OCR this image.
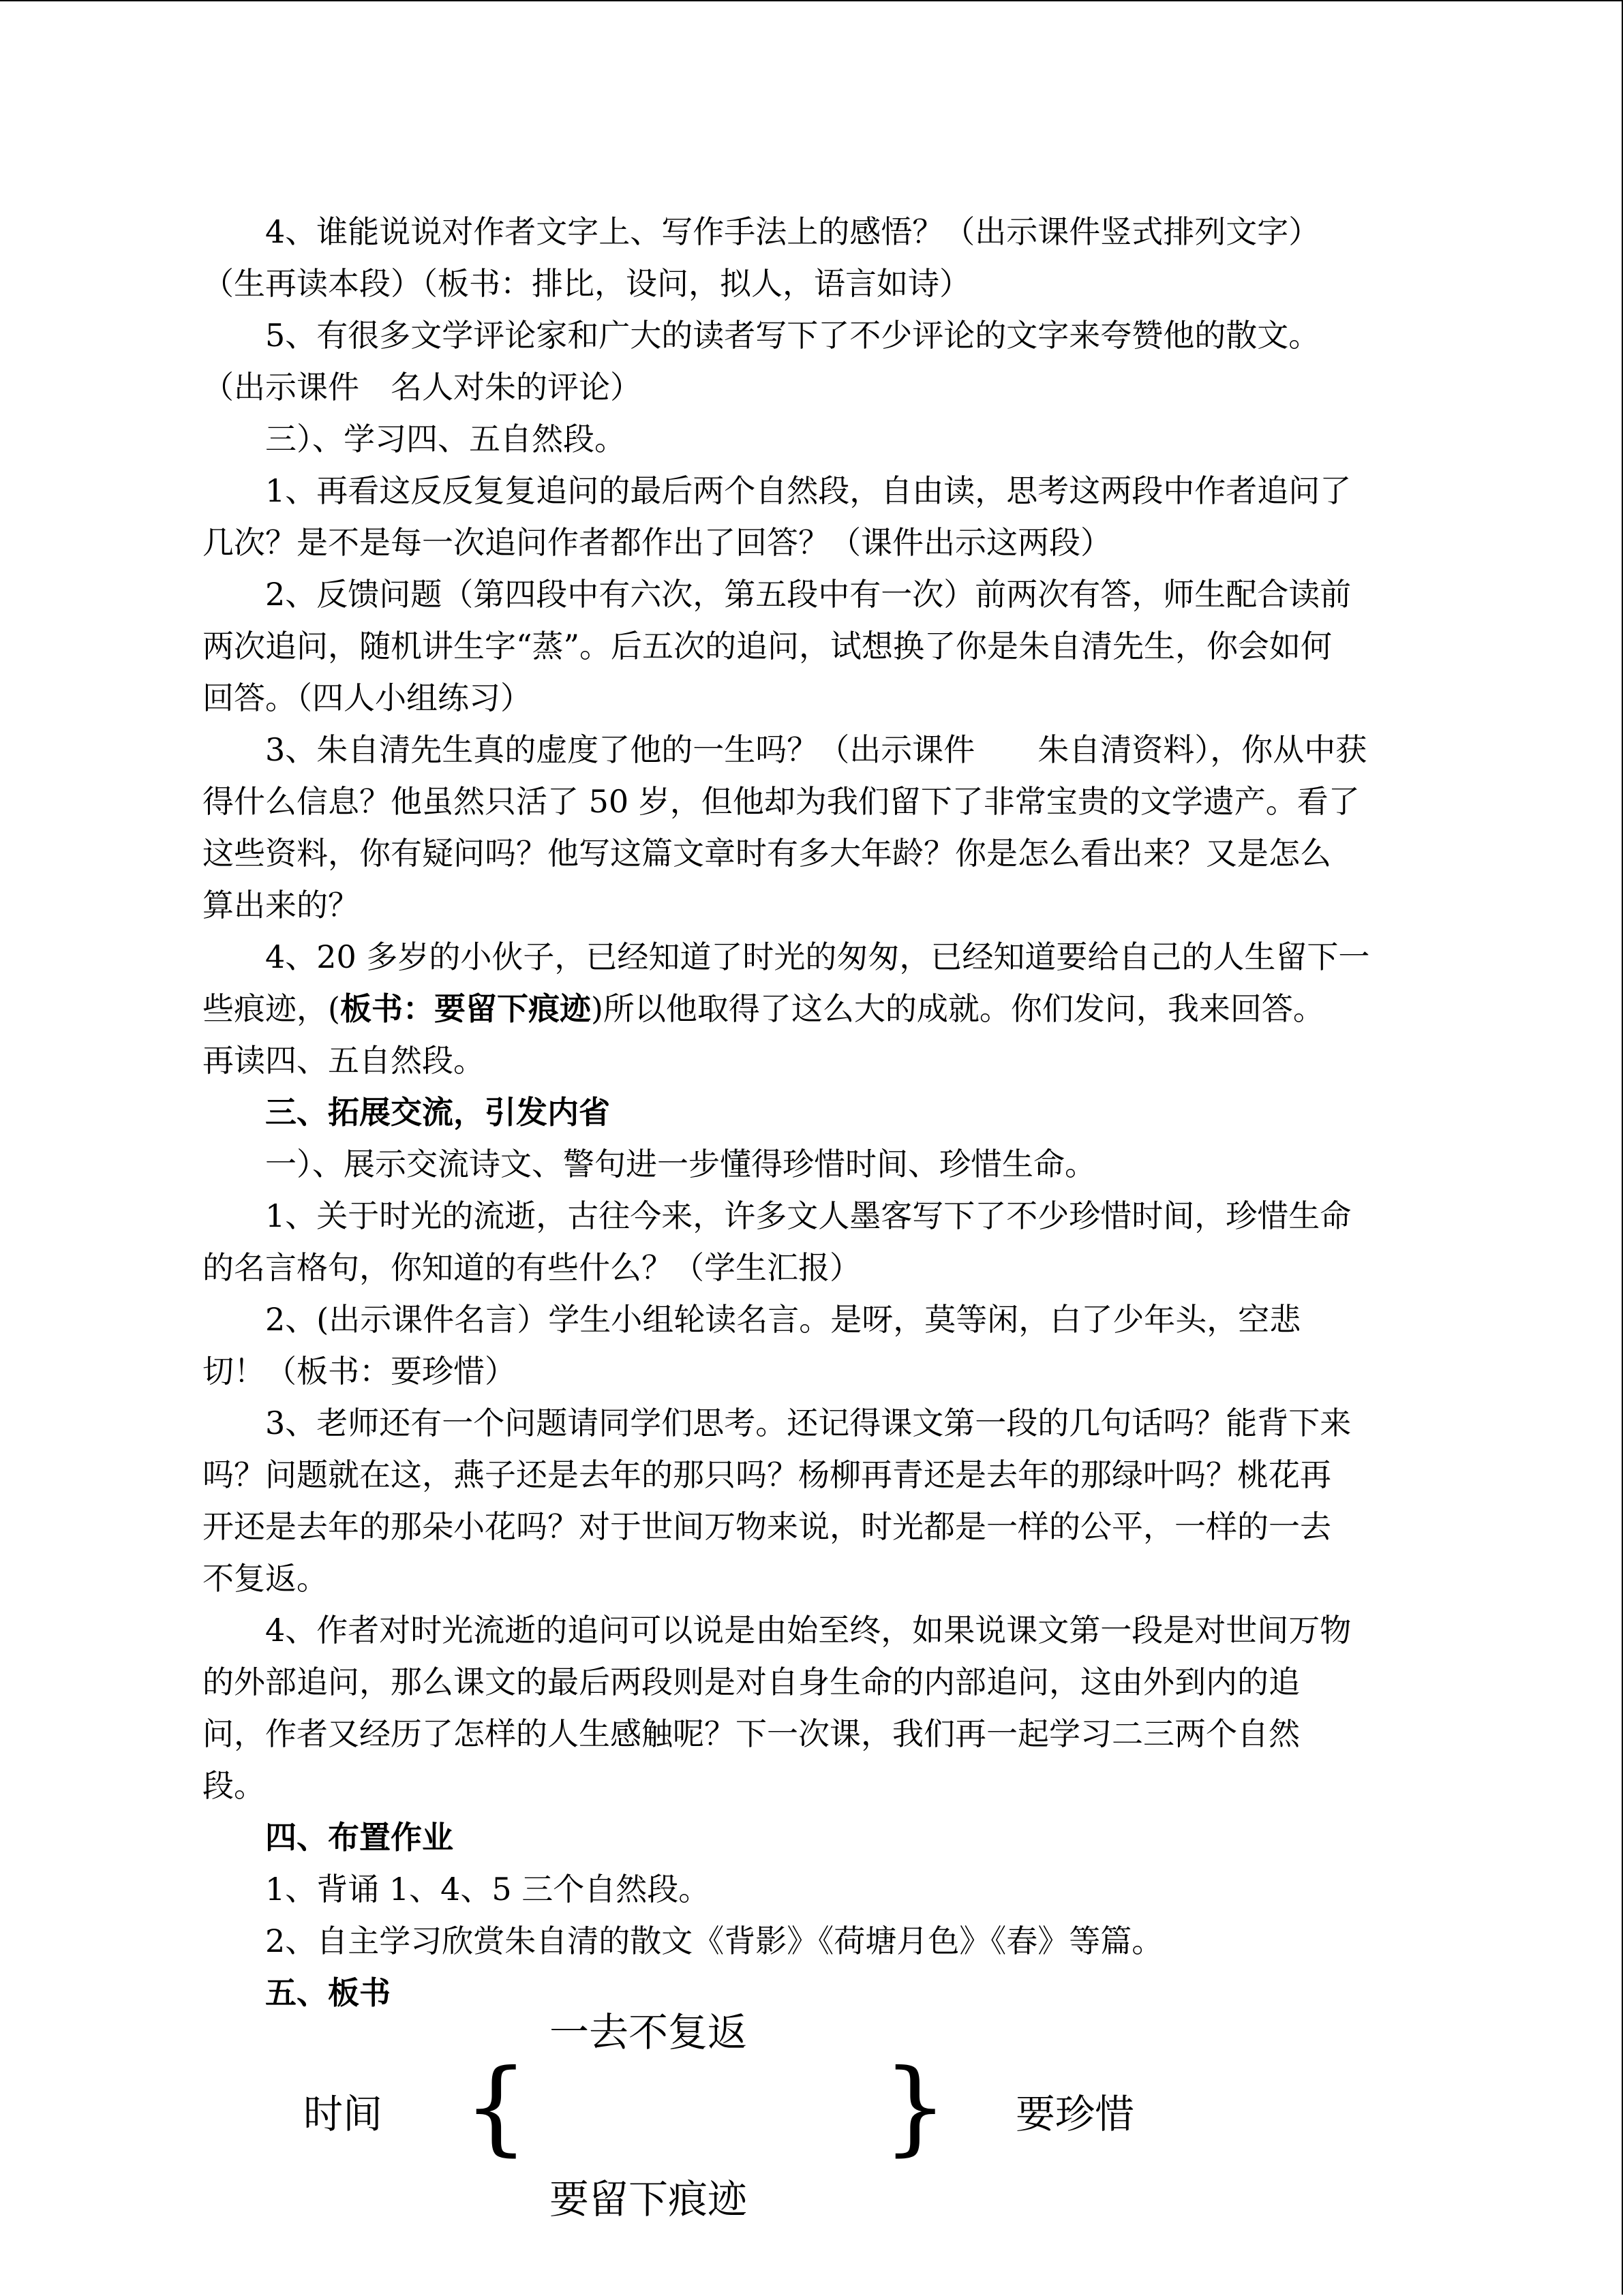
4、谁能说说对作者文字上、写作手法上的感悟？（出示课件竖式排列文字）

（生再读本段）（板书：排比，设问，拟人，语言如诗）

5、有很多文学评论家和广大的读者写下了不少评论的文字来夸赞他的散文。

（出示课件　名人对朱的评论）

三）、学习四、五自然段。

1、再看这反反复复追问的最后两个自然段，自由读，思考这两段中作者追问了

几次？是不是每一次追问作者都作出了回答？（课件出示这两段）

2、反馈问题（第四段中有六次，第五段中有一次）前两次有答，师生配合读前

两次追问，随机讲生字“蒸”。后五次的追问，试想换了你是朱自清先生，你会如何

回答。（四人小组练习）

3、朱自清先生真的虚度了他的一生吗？（出示课件　　朱自清资料），你从中获

得什么信息？他虽然只活了 50 岁，但他却为我们留下了非常宝贵的文学遗产。看了

这些资料，你有疑问吗？他写这篇文章时有多大年龄？你是怎么看出来？又是怎么

算出来的？

4、20 多岁的小伙子，已经知道了时光的匆匆，已经知道要给自己的人生留下一

些痕迹，(板书：要留下痕迹)所以他取得了这么大的成就。你们发问，我来回答。

再读四、五自然段。

三、拓展交流，引发内省

一）、展示交流诗文、警句进一步懂得珍惜时间、珍惜生命。

1、关于时光的流逝，古往今来，许多文人墨客写下了不少珍惜时间，珍惜生命

的名言格句，你知道的有些什么？（学生汇报）

2、(出示课件名言）学生小组轮读名言。是呀，莫等闲，白了少年头，空悲

切！（板书：要珍惜）

3、老师还有一个问题请同学们思考。还记得课文第一段的几句话吗？能背下来

吗？问题就在这，燕子还是去年的那只吗？杨柳再青还是去年的那绿叶吗？桃花再

开还是去年的那朵小花吗？对于世间万物来说，时光都是一样的公平，一样的一去

不复返。

4、作者对时光流逝的追问可以说是由始至终，如果说课文第一段是对世间万物

的外部追问，那么课文的最后两段则是对自身生命的内部追问，这由外到内的追

问，作者又经历了怎样的人生感触呢？下一次课，我们再一起学习二三两个自然

段。

四、布置作业

1、背诵 1、4、5 三个自然段。

2、自主学习欣赏朱自清的散文《背影》《荷塘月色》《春》等篇。

五、板书

一去不复返
时间 {	} 要珍惜
要留下痕迹
